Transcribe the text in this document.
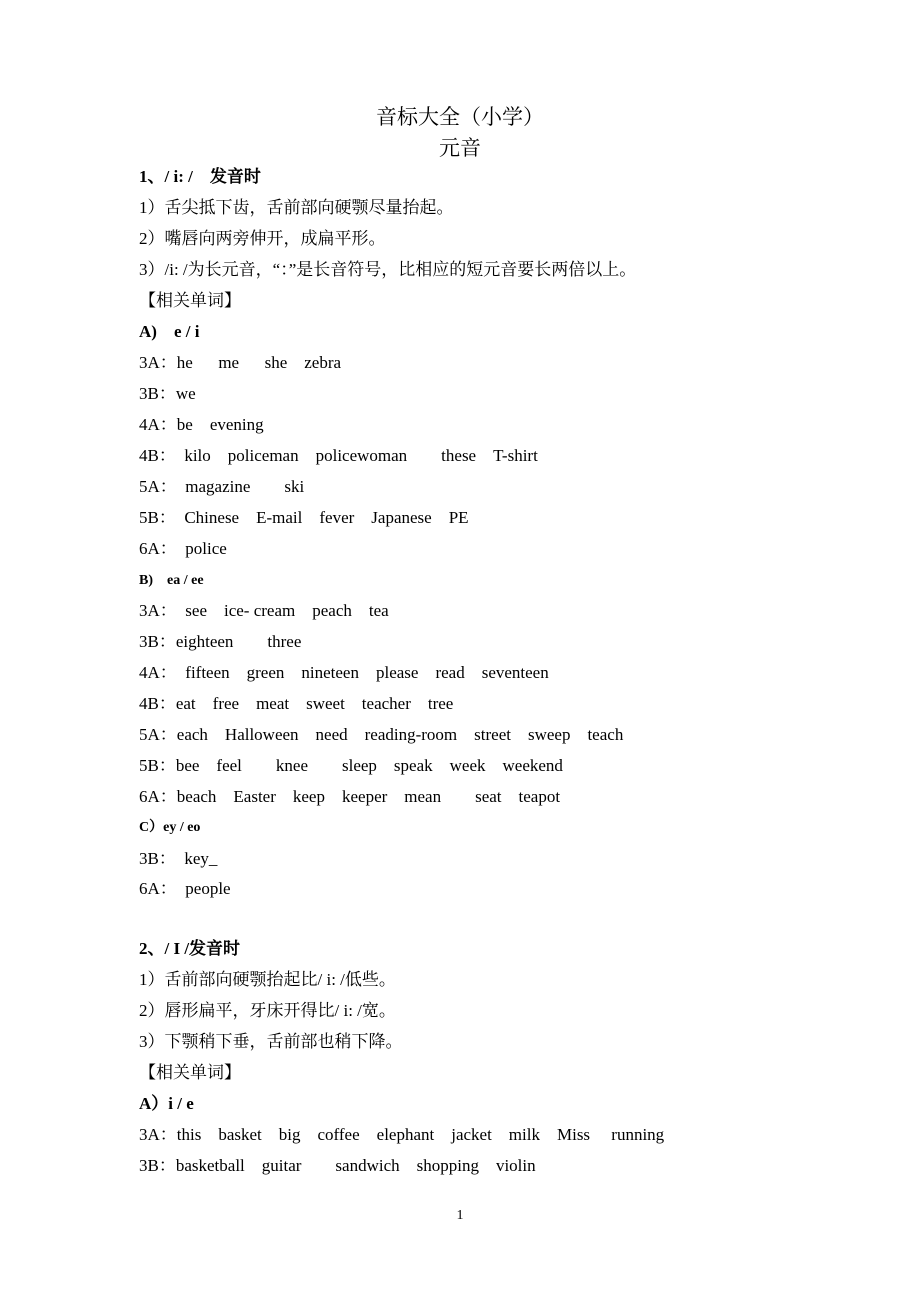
音标大全（小学）
元音
1、/ i: /　发音时
1）舌尖抵下齿，舌前部向硬颚尽量抬起。
2）嘴唇向两旁伸开，成扁平形。
3）/i: /为长元音，“：”是长音符号，比相应的短元音要长两倍以上。
【相关单词】
A)　e / i
3A：he　  me　  she　zebra
3B：we
4A：be　evening
4B：  kilo　policeman　policewoman　　these　T-shirt
5A：  magazine　　ski
5B：  Chinese　E-mail　fever　Japanese　PE
6A：　police
B)　ea / ee
3A：  see　ice- cream　peach　tea
3B：eighteen　　three
4A：  fifteen　green　nineteen　please　read　seventeen
4B：eat　free　meat　sweet　teacher　tree
5A：each　Halloween　need　reading-room　street　sweep　teach
5B：bee　feel　　knee　　sleep　speak　week　weekend
6A：beach　Easter　keep　keeper　mean　　seat　teapot
C）ey / eo
3B：  key_
6A：  people
2、/ I /发音时
1）舌前部向硬颚抬起比/ i: /低些。
2）唇形扁平，牙床开得比/ i: /宽。
3）下颚稍下垂，舌前部也稍下降。
【相关单词】
A）i / e
3A：this　basket　big　coffee　elephant　jacket　milk　Miss　 running
3B：basketball　guitar　　sandwich　shopping　violin
1
